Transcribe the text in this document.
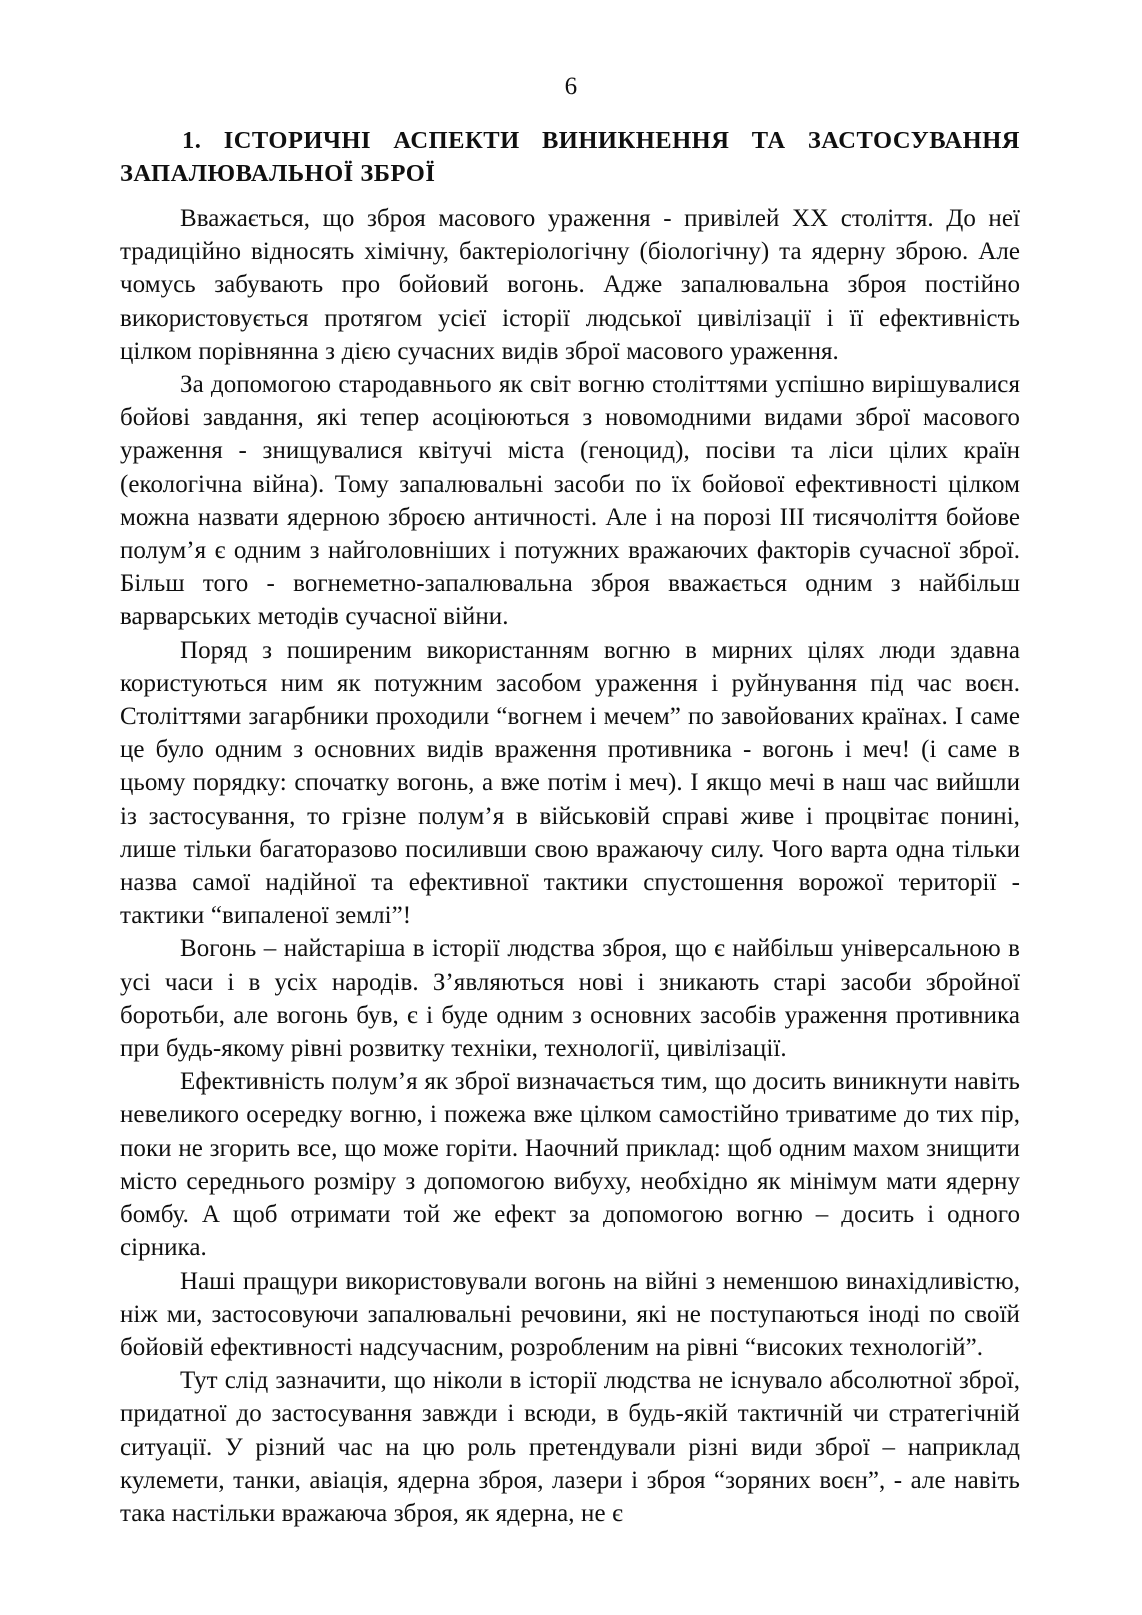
6
1. ІСТОРИЧНІ АСПЕКТИ ВИНИКНЕННЯ ТА ЗАСТОСУВАННЯ ЗАПАЛЮВАЛЬНОЇ ЗБРОЇ

Вважається, що зброя масового ураження - привілей ХХ століття. До неї традиційно відносять хімічну, бактеріологічну (біологічну) та ядерну зброю. Але чомусь забувають про бойовий вогонь. Адже запалювальна зброя постійно використовується протягом усієї історії людської цивілізації і її ефективність цілком порівнянна з дією сучасних видів зброї масового ураження.

За допомогою стародавнього як світ вогню століттями успішно вирішувалися бойові завдання, які тепер асоціюються з новомодними видами зброї масового ураження - знищувалися квітучі міста (геноцид), посіви та ліси цілих країн (екологічна війна). Тому запалювальні засоби по їх бойової ефективності цілком можна назвати ядерною зброєю античності. Але і на порозі III тисячоліття бойове полум’я є одним з найголовніших і потужних вражаючих факторів сучасної зброї. Більш того - вогнеметно-запалювальна зброя вважається одним з найбільш варварських методів сучасної війни.

Поряд з поширеним використанням вогню в мирних цілях люди здавна користуються ним як потужним засобом ураження і руйнування під час воєн. Століттями загарбники проходили “вогнем і мечем” по завойованих країнах. І саме це було одним з основних видів враження противника - вогонь і меч! (і саме в цьому порядку: спочатку вогонь, а вже потім і меч). І якщо мечі в наш час вийшли із застосування, то грізне полум’я в військовій справі живе і процвітає понині, лише тільки багаторазово посиливши свою вражаючу силу. Чого варта одна тільки назва самої надійної та ефективної тактики спустошення ворожої території - тактики “випаленої землі”!

Вогонь – найстаріша в історії людства зброя, що є найбільш універсальною в усі часи і в усіх народів. З’являються нові і зникають старі засоби збройної боротьби, але вогонь був, є і буде одним з основних засобів ураження противника при будь-якому рівні розвитку техніки, технології, цивілізації.

Ефективність полум’я як зброї визначається тим, що досить виникнути навіть невеликого осередку вогню, і пожежа вже цілком самостійно триватиме до тих пір, поки не згорить все, що може горіти. Наочний приклад: щоб одним махом знищити місто середнього розміру з допомогою вибуху, необхідно як мінімум мати ядерну бомбу. А щоб отримати той же ефект за допомогою вогню – досить і одного сірника.

Наші пращури використовували вогонь на війні з неменшою винахідливістю, ніж ми, застосовуючи запалювальні речовини, які не поступаються іноді по своїй бойовій ефективності надсучасним, розробленим на рівні “високих технологій”.

Тут слід зазначити, що ніколи в історії людства не існувало абсолютної зброї, придатної до застосування завжди і всюди, в будь-якій тактичній чи стратегічній ситуації. У різний час на цю роль претендували різні види зброї – наприклад кулемети, танки, авіація, ядерна зброя, лазери і зброя “зоряних воєн”, - але навіть така настільки вражаюча зброя, як ядерна, не є
